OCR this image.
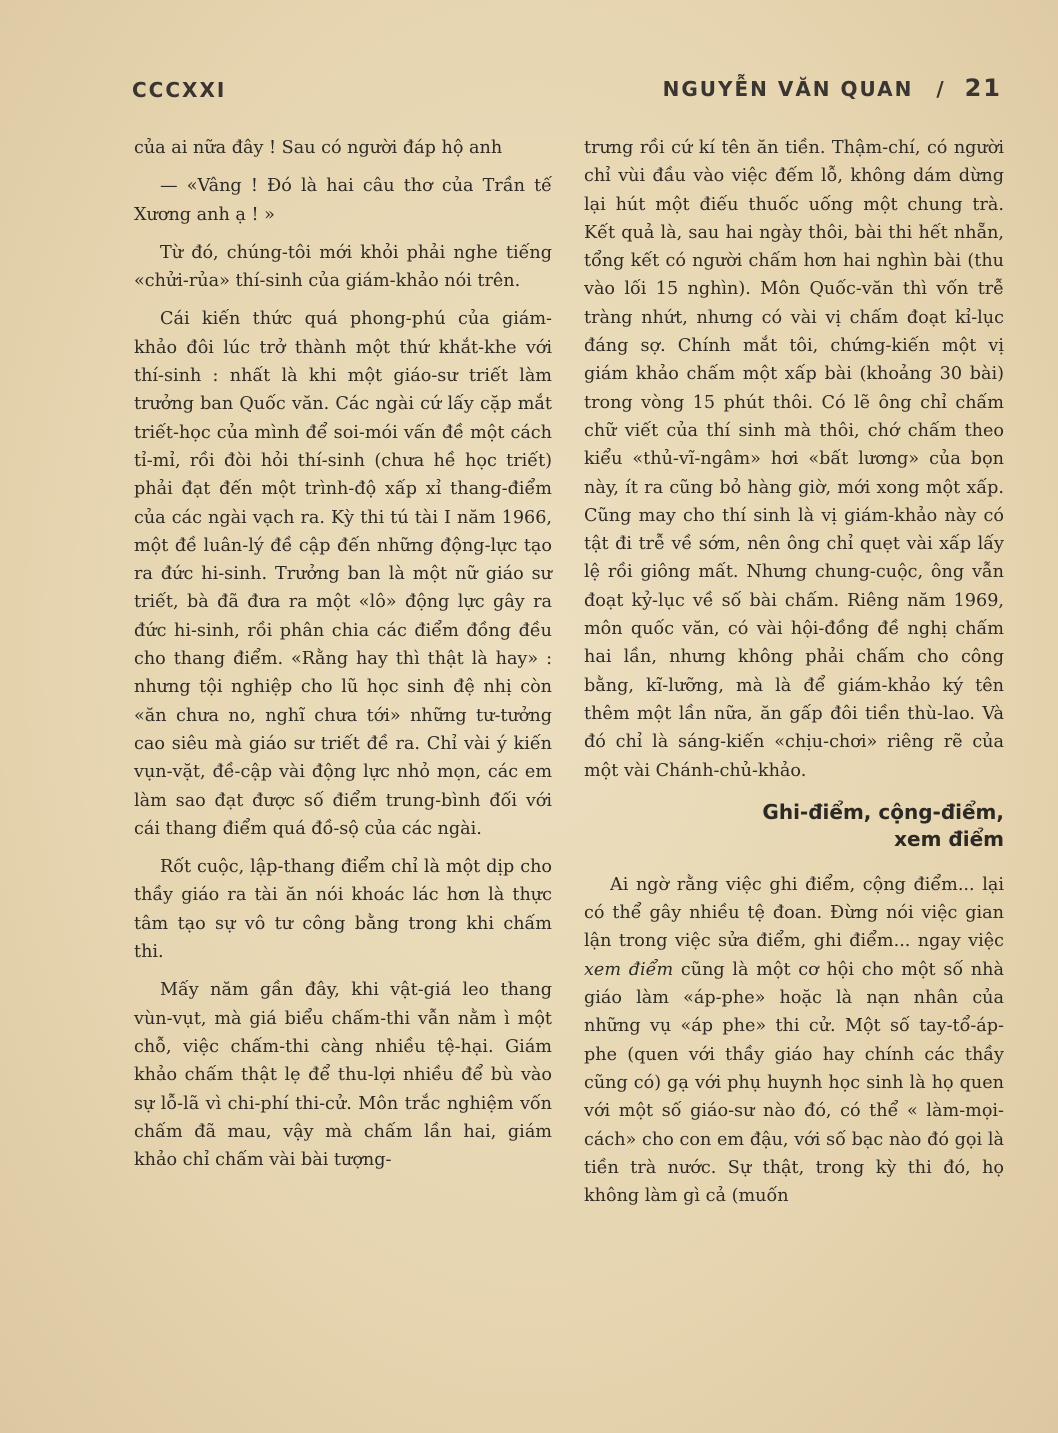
CCCXXI	NGUYỄN VĂN QUAN / 21

của ai nữa đây ! Sau có người đáp hộ anh

— «Vâng ! Đó là hai câu thơ của Trần tế Xương anh ạ ! »

Từ đó, chúng-tôi mới khỏi phải nghe tiếng «chửi-rủa» thí-sinh của giám-khảo nói trên.

Cái kiến thức quá phong-phú của giám-khảo đôi lúc trở thành một thứ khắt-khe với thí-sinh : nhất là khi một giáo-sư triết làm trưởng ban Quốc văn. Các ngài cứ lấy cặp mắt triết-học của mình để soi-mói vấn đề một cách tỉ-mỉ, rồi đòi hỏi thí-sinh (chưa hề học triết) phải đạt đến một trình-độ xấp xỉ thang-điểm của các ngài vạch ra. Kỳ thi tú tài I năm 1966, một đề luân-lý đề cập đến những động-lực tạo ra đức hi-sinh. Trưởng ban là một nữ giáo sư triết, bà đã đưa ra một «lô» động lực gây ra đức hi-sinh, rồi phân chia các điểm đồng đều cho thang điểm. «Rằng hay thì thật là hay» : nhưng tội nghiệp cho lũ học sinh đệ nhị còn «ăn chưa no, nghĩ chưa tới» những tư-tưởng cao siêu mà giáo sư triết đề ra. Chỉ vài ý kiến vụn-vặt, đề-cập vài động lực nhỏ mọn, các em làm sao đạt được số điểm trung-bình đối với cái thang điểm quá đồ-sộ của các ngài.

Rốt cuộc, lập-thang điểm chỉ là một dịp cho thầy giáo ra tài ăn nói khoác lác hơn là thực tâm tạo sự vô tư công bằng trong khi chấm thi.

Mấy năm gần đây, khi vật-giá leo thang vùn-vụt, mà giá biểu chấm-thi vẫn nằm ì một chỗ, việc chấm-thi càng nhiều tệ-hại. Giám khảo chấm thật lẹ để thu-lợi nhiều để bù vào sự lỗ-lã vì chi-phí thi-cử. Môn trắc nghiệm vốn chấm đã mau, vậy mà chấm lần hai, giám khảo chỉ chấm vài bài tượng-

trưng rồi cứ kí tên ăn tiền. Thậm-chí, có người chỉ vùi đầu vào việc đếm lỗ, không dám dừng lại hút một điếu thuốc uống một chung trà. Kết quả là, sau hai ngày thôi, bài thi hết nhẵn, tổng kết có người chấm hơn hai nghìn bài (thu vào lối 15 nghìn). Môn Quốc-văn thì vốn trễ tràng nhứt, nhưng có vài vị chấm đoạt kỉ-lục đáng sợ. Chính mắt tôi, chứng-kiến một vị giám khảo chấm một xấp bài (khoảng 30 bài) trong vòng 15 phút thôi. Có lẽ ông chỉ chấm chữ viết của thí sinh mà thôi, chớ chấm theo kiểu «thủ-vĩ-ngâm» hơi «bất lương» của bọn này, ít ra cũng bỏ hàng giờ, mới xong một xấp. Cũng may cho thí sinh là vị giám-khảo này có tật đi trễ về sớm, nên ông chỉ quẹt vài xấp lấy lệ rồi giông mất. Nhưng chung-cuộc, ông vẫn đoạt kỷ-lục về số bài chấm. Riêng năm 1969, môn quốc văn, có vài hội-đồng đề nghị chấm hai lần, nhưng không phải chấm cho công bằng, kĩ-lưỡng, mà là để giám-khảo ký tên thêm một lần nữa, ăn gấp đôi tiền thù-lao. Và đó chỉ là sáng-kiến «chịu-chơi» riêng rẽ của một vài Chánh-chủ-khảo.

Ghi-điểm, cộng-điểm,
xem điểm

Ai ngờ rằng việc ghi điểm, cộng điểm... lại có thể gây nhiều tệ đoan. Đừng nói việc gian lận trong việc sửa điểm, ghi điểm... ngay việc xem điểm cũng là một cơ hội cho một số nhà giáo làm «áp-phe» hoặc là nạn nhân của những vụ «áp phe» thi cử. Một số tay-tổ-áp-phe (quen với thầy giáo hay chính các thầy cũng có) gạ với phụ huynh học sinh là họ quen với một số giáo-sư nào đó, có thể « làm-mọi-cách» cho con em đậu, với số bạc nào đó gọi là tiền trà nước. Sự thật, trong kỳ thi đó, họ không làm gì cả (muốn
